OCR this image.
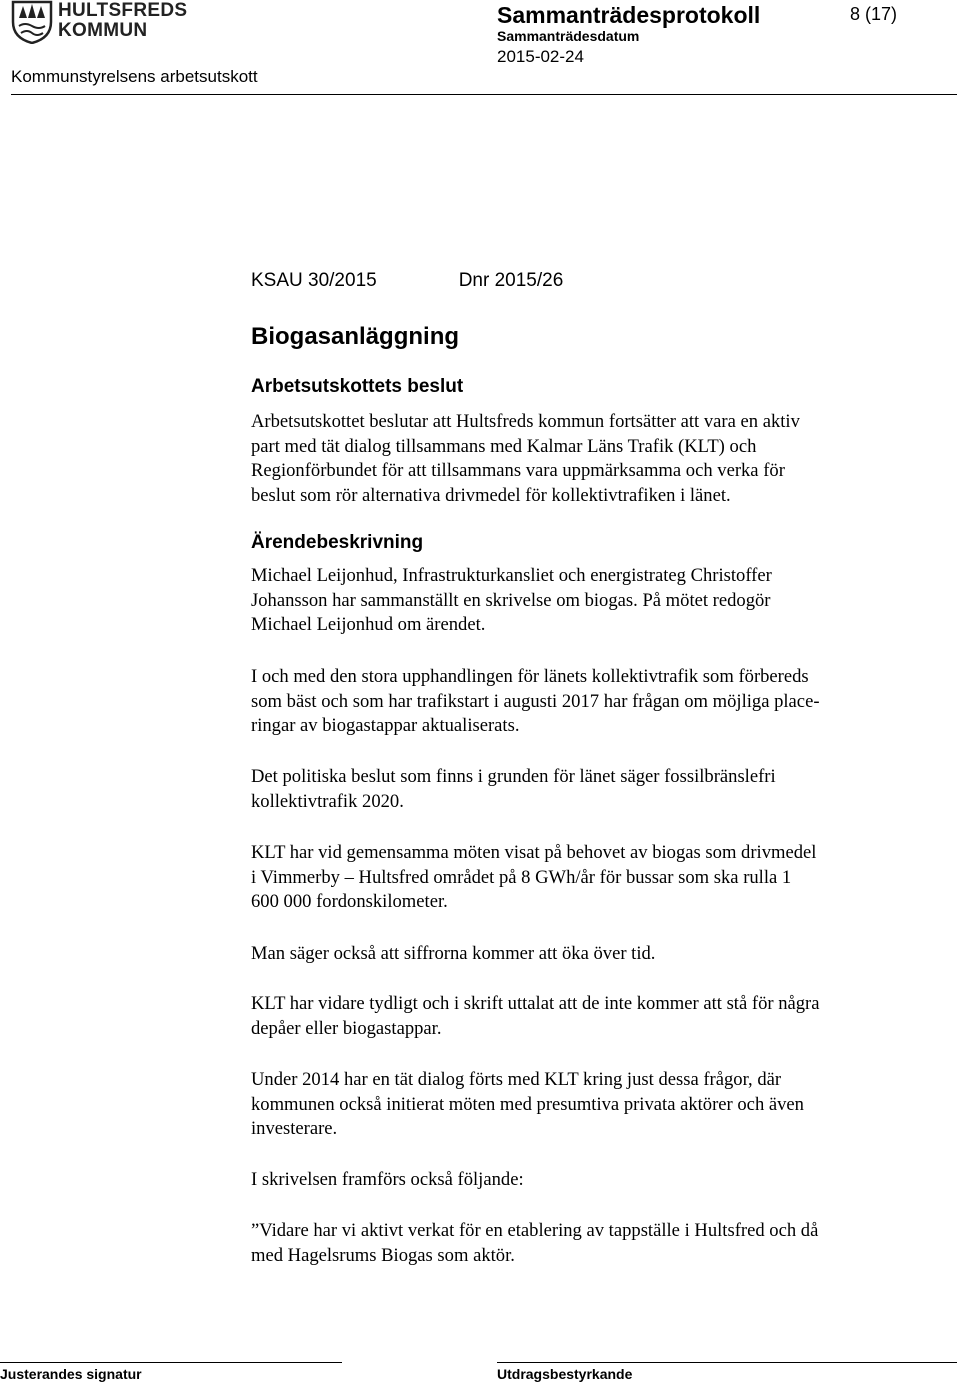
HULTSFREDS
KOMMUN
Sammanträdesprotokoll	8 (17)
Sammanträdesdatum
2015-02-24
Kommunstyrelsens arbetsutskott
KSAU 30/2015	Dnr 2015/26
Biogasanläggning
Arbetsutskottets beslut
Arbetsutskottet beslutar att Hultsfreds kommun fortsätter att vara en aktiv
part med tät dialog tillsammans med Kalmar Läns Trafik (KLT) och
Regionförbundet för att tillsammans vara uppmärksamma och verka för
beslut som rör alternativa drivmedel för kollektivtrafiken i länet.
Ärendebeskrivning
Michael Leijonhud, Infrastrukturkansliet och energistrateg Christoffer
Johansson har sammanställt en skrivelse om biogas. På mötet redogör
Michael Leijonhud om ärendet.
I och med den stora upphandlingen för länets kollektivtrafik som förbereds
som bäst och som har trafikstart i augusti 2017 har frågan om möjliga place-
ringar av biogastappar aktualiserats.
Det politiska beslut som finns i grunden för länet säger fossilbränslefri
kollektivtrafik 2020.
KLT har vid gemensamma möten visat på behovet av biogas som drivmedel
i Vimmerby – Hultsfred området på 8 GWh/år för bussar som ska rulla 1
600 000 fordonskilometer.
Man säger också att siffrorna kommer att öka över tid.
KLT har vidare tydligt och i skrift uttalat att de inte kommer att stå för några
depåer eller biogastappar.
Under 2014 har en tät dialog förts med KLT kring just dessa frågor, där
kommunen också initierat möten med presumtiva privata aktörer och även
investerare.
I skrivelsen framförs också följande:
”Vidare har vi aktivt verkat för en etablering av tappställe i Hultsfred och då
med Hagelsrums Biogas som aktör.
Justerandes signatur	Utdragsbestyrkande
